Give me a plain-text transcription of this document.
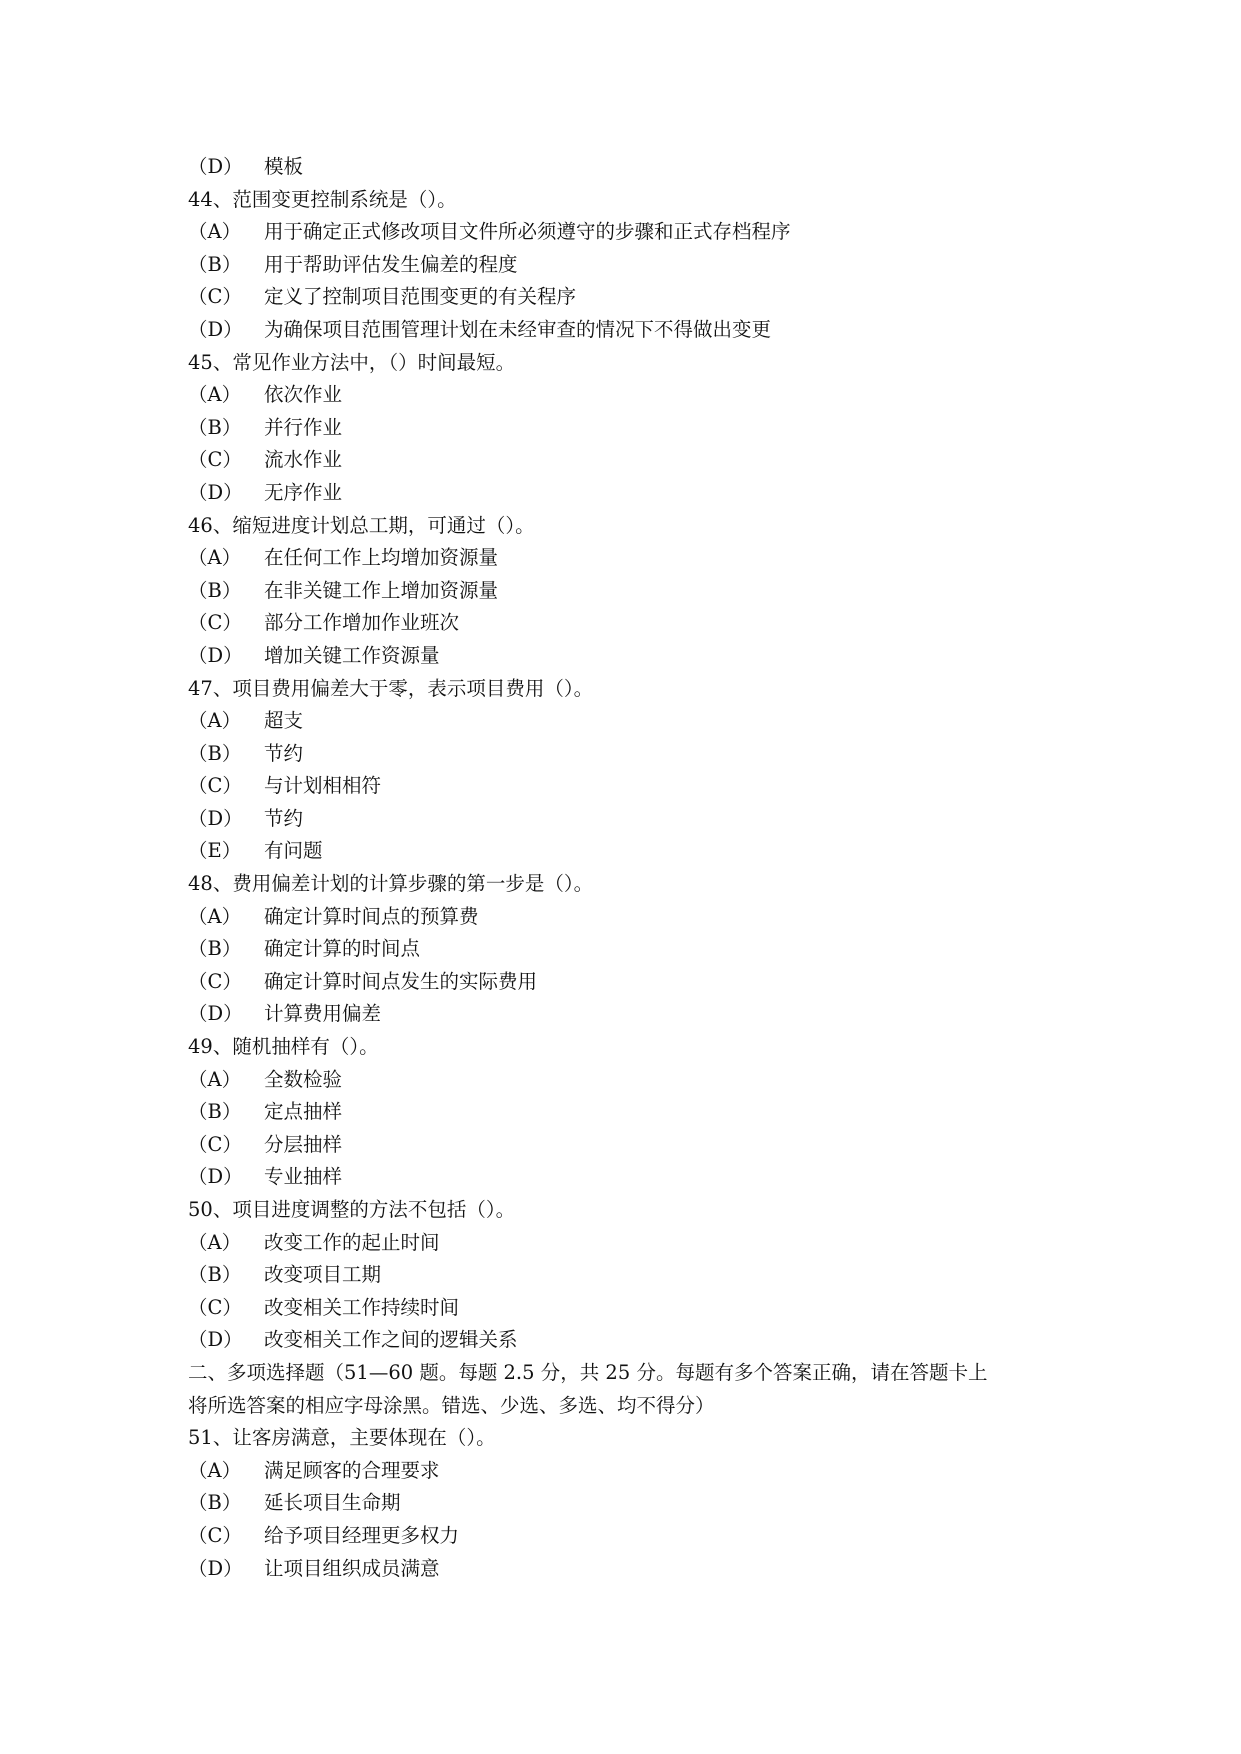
（D）	模板
44、范围变更控制系统是（）。
（A）	用于确定正式修改项目文件所必须遵守的步骤和正式存档程序
（B）	用于帮助评估发生偏差的程度
（C）	定义了控制项目范围变更的有关程序
（D）	为确保项目范围管理计划在未经审查的情况下不得做出变更
45、常见作业方法中，（）时间最短。
（A）	依次作业
（B）	并行作业
（C）	流水作业
（D）	无序作业
46、缩短进度计划总工期，可通过（）。
（A）	在任何工作上均增加资源量
（B）	在非关键工作上增加资源量
（C）	部分工作增加作业班次
（D）	增加关键工作资源量
47、项目费用偏差大于零，表示项目费用（）。
（A）	超支
（B）	节约
（C）	与计划相相符
（D）	节约
（E）	有问题
48、费用偏差计划的计算步骤的第一步是（）。
（A）	确定计算时间点的预算费
（B）	确定计算的时间点
（C）	确定计算时间点发生的实际费用
（D）	计算费用偏差
49、随机抽样有（）。
（A）	全数检验
（B）	定点抽样
（C）	分层抽样
（D）	专业抽样
50、项目进度调整的方法不包括（）。
（A）	改变工作的起止时间
（B）	改变项目工期
（C）	改变相关工作持续时间
（D）	改变相关工作之间的逻辑关系
二、多项选择题（51—60 题。每题 2.5 分，共 25 分。每题有多个答案正确，请在答题卡上
将所选答案的相应字母涂黑。错选、少选、多选、均不得分）
51、让客房满意，主要体现在（）。
（A）	满足顾客的合理要求
（B）	延长项目生命期
（C）	给予项目经理更多权力
（D）	让项目组织成员满意
